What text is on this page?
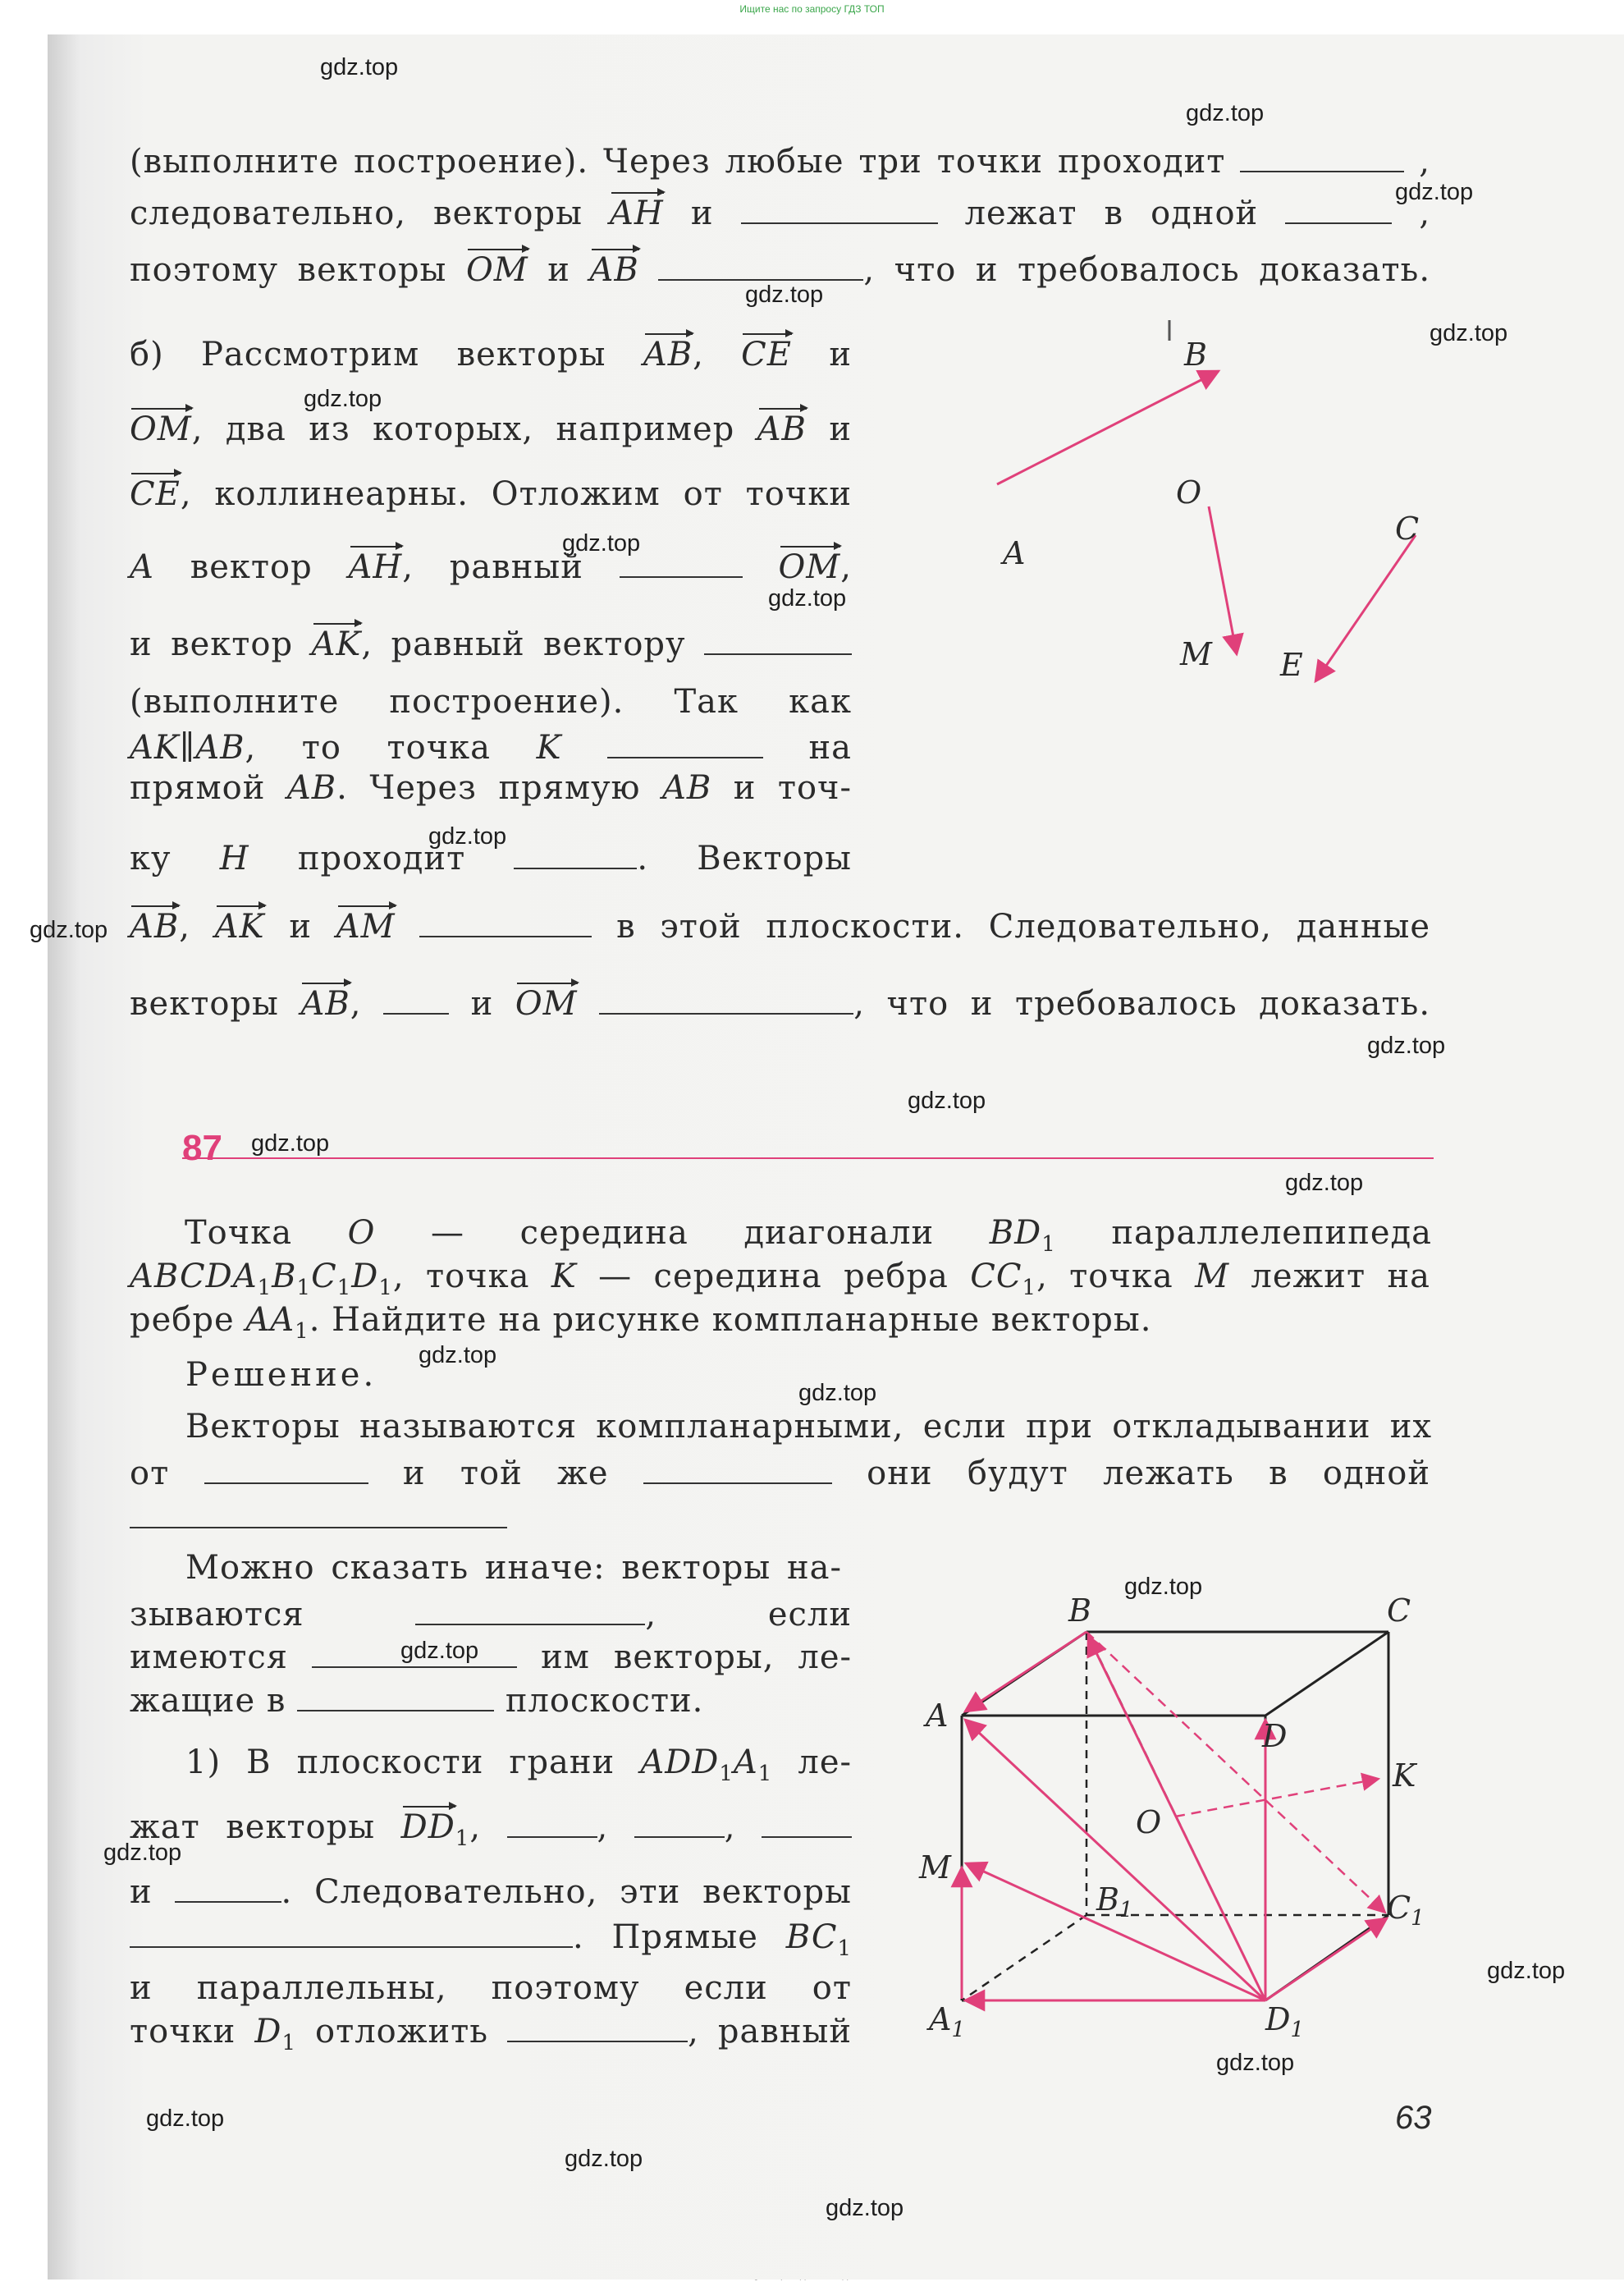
Ищите нас по запросу ГДЗ ТОП
gdz.top
gdz.top
gdz.top
gdz.top
gdz.top
gdz.top
gdz.top
gdz.top
gdz.top
gdz.top
gdz.top
gdz.top
gdz.top
gdz.top
gdz.top
gdz.top
gdz.top
gdz.top
gdz.top
gdz.top
gdz.top
gdz.top
gdz.top
gdz.top
(выполните построение). Через любые три точки проходит	,
следовательно, векторы AH и	лежат в одной	,
поэтому векторы OM и AB	, что и требовалось доказать.
б) Рассмотрим векторы AB, CE и
OM, два из которых, например AB и
CE, коллинеарны. Отложим от точки
A вектор AH, равный	OM,
и вектор AK, равный вектору
(выполните построение). Так как
AK∥AB, то точка K	на
прямой AB. Через прямую AB и точ-
ку H проходит	. Векторы
AB, AK и AM	в этой плоскости. Следовательно, данные
векторы AB,	и OM	, что и требовалось доказать.
B
O
C
A
M E
87
Точка O — середина диагонали $BD_1$ параллелепипеда
$ABCDA_1B_1C_1D_1$, точка K — середина ребра $CC_1$, точка M лежит на
ребре $AA_1$. Найдите на рисунке компланарные векторы.
Решение.
Векторы называются компланарными, если при откладывании их
от	и той же	они будут лежать в одной
Можно сказать иначе: векторы на-
зываются	, если
имеются	им векторы, ле-
жащие в	плоскости.
1) В плоскости грани $ADD_1A_1$ ле-
жат векторы $DD_1$,	,	,
и	. Следовательно, эти векторы
. Прямые $BC_1$
и параллельны, поэтому если от
точки $D_1$ отложить	, равный
B	C
A
D
K
O
M
$B_1$	$C_1$
$A_1$	$D_1$
63
